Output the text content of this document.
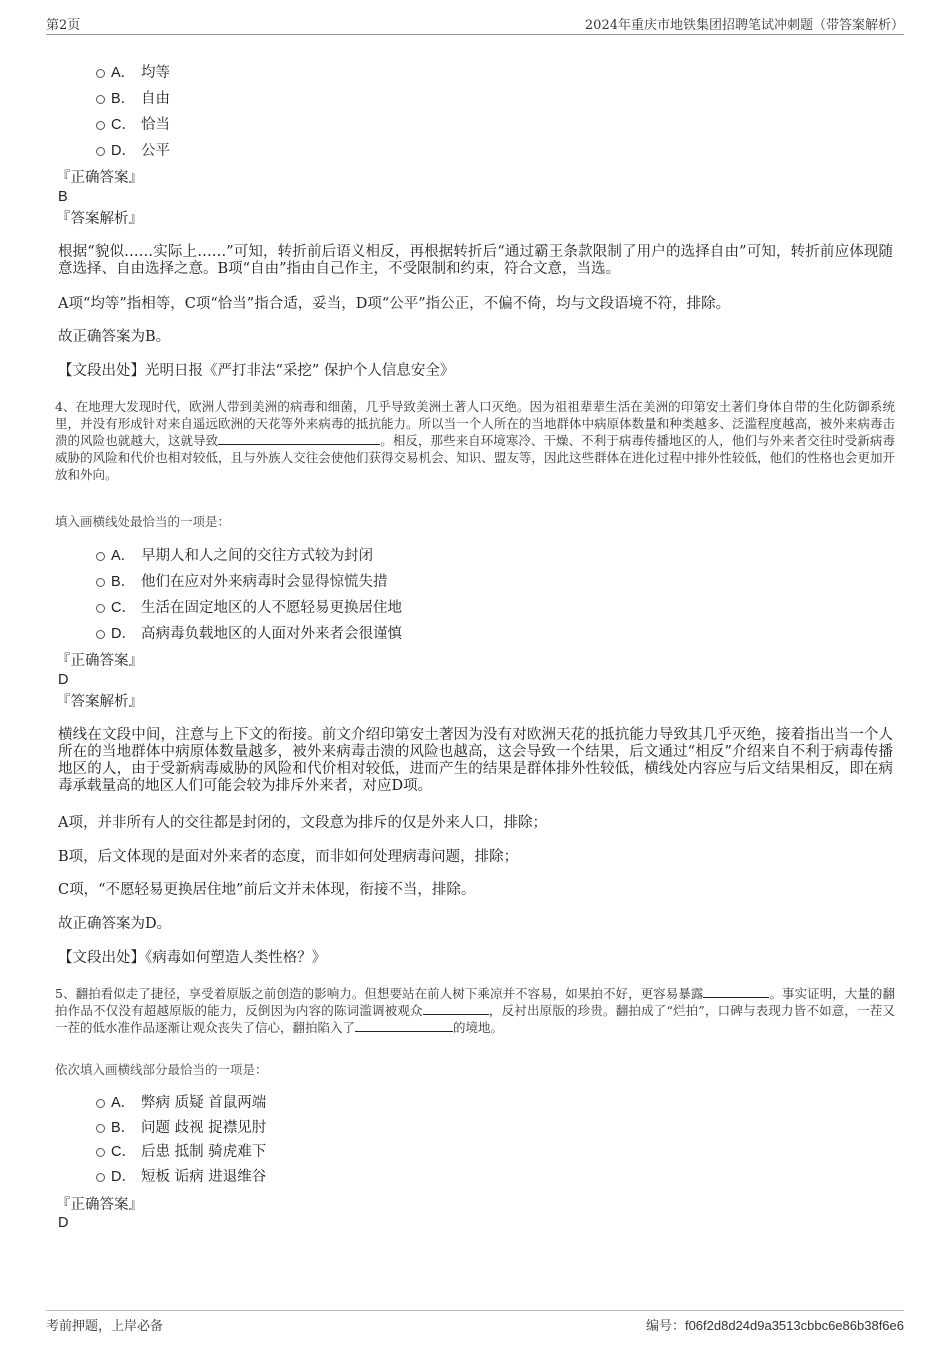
第2页	2024年重庆市地铁集团招聘笔试冲刺题（带答案解析）
A． 均等
B． 自由
C． 恰当
D． 公平
『正确答案』
B
『答案解析』
根据“貌似……实际上……”可知，转折前后语义相反，再根据转折后“通过霸王条款限制了用户的选择自由”可知，转折前应体现随意选择、自由选择之意。B项“自由”指由自己作主，不受限制和约束，符合文意，当选。
A项“均等”指相等，C项“恰当”指合适，妥当，D项“公平”指公正，不偏不倚，均与文段语境不符，排除。
故正确答案为B。
【文段出处】光明日报《严打非法“采挖” 保护个人信息安全》
4、在地理大发现时代，欧洲人带到美洲的病毒和细菌，几乎导致美洲土著人口灭绝。因为祖祖辈辈生活在美洲的印第安土著们身体自带的生化防御系统里，并没有形成针对来自遥远欧洲的天花等外来病毒的抵抗能力。所以当一个人所在的当地群体中病原体数量和种类越多、泛滥程度越高，被外来病毒击溃的风险也就越大，这就导致	。相反，那些来自环境寒冷、干燥、不利于病毒传播地区的人，他们与外来者交往时受新病毒威胁的风险和代价也相对较低，且与外族人交往会使他们获得交易机会、知识、盟友等，因此这些群体在进化过程中排外性较低，他们的性格也会更加开放和外向。
填入画横线处最恰当的一项是：
A． 早期人和人之间的交往方式较为封闭
B． 他们在应对外来病毒时会显得惊慌失措
C． 生活在固定地区的人不愿轻易更换居住地
D． 高病毒负载地区的人面对外来者会很谨慎
『正确答案』
D
『答案解析』
横线在文段中间，注意与上下文的衔接。前文介绍印第安土著因为没有对欧洲天花的抵抗能力导致其几乎灭绝，接着指出当一个人所在的当地群体中病原体数量越多，被外来病毒击溃的风险也越高，这会导致一个结果，后文通过“相反”介绍来自不利于病毒传播地区的人，由于受新病毒威胁的风险和代价相对较低，进而产生的结果是群体排外性较低，横线处内容应与后文结果相反，即在病毒承载量高的地区人们可能会较为排斥外来者，对应D项。
A项，并非所有人的交往都是封闭的，文段意为排斥的仅是外来人口，排除；
B项，后文体现的是面对外来者的态度，而非如何处理病毒问题，排除；
C项，“不愿轻易更换居住地”前后文并未体现，衔接不当，排除。
故正确答案为D。
【文段出处】《病毒如何塑造人类性格？》
5、翻拍看似走了捷径，享受着原版之前创造的影响力。但想要站在前人树下乘凉并不容易，如果拍不好，更容易暴露	。事实证明，大量的翻拍作品不仅没有超越原版的能力，反倒因为内容的陈词滥调被观众	，反衬出原版的珍贵。翻拍成了“烂拍”，口碑与表现力皆不如意，一茬又一茬的低水准作品逐渐让观众丧失了信心，翻拍陷入了	的境地。
依次填入画横线部分最恰当的一项是：
A． 弊病 质疑 首鼠两端
B． 问题 歧视 捉襟见肘
C． 后患 抵制 骑虎难下
D． 短板 诟病 进退维谷
『正确答案』
D
考前押题，上岸必备	编号：f06f2d8d24d9a3513cbbc6e86b38f6e6
